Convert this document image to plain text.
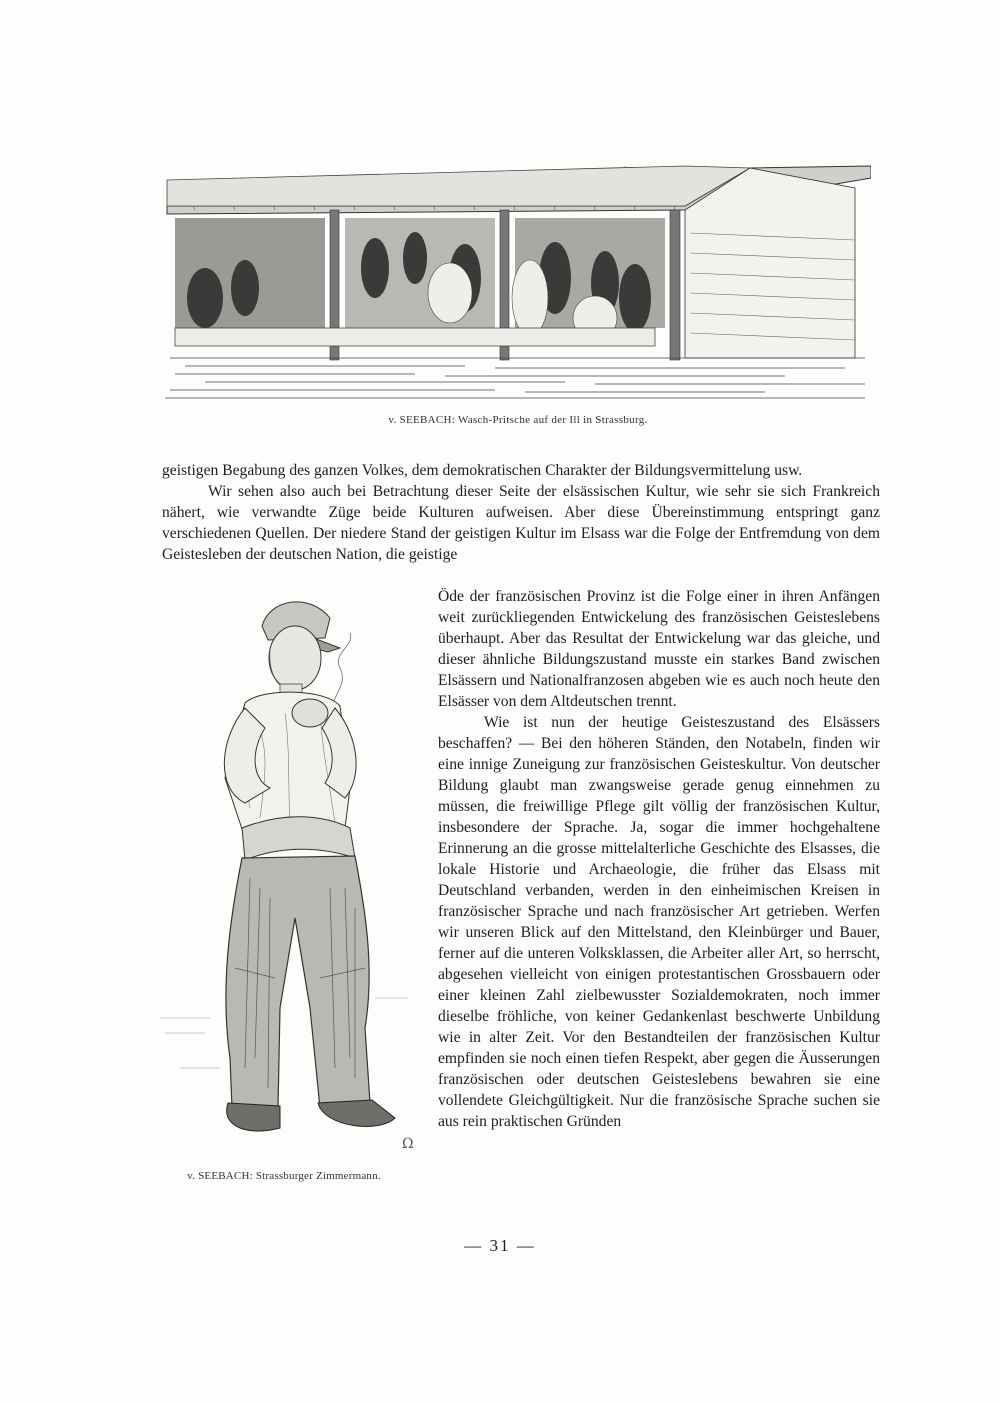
v. SEEBACH: Wasch-Pritsche auf der Ill in Strassburg.

geistigen Begabung des ganzen Volkes, dem demokratischen Charakter der Bildungsvermittelung usw.

Wir sehen also auch bei Betrachtung dieser Seite der elsässischen Kultur, wie sehr sie sich Frankreich nähert, wie verwandte Züge beide Kulturen aufweisen. Aber diese Übereinstimmung entspringt ganz verschiedenen Quellen. Der niedere Stand der geistigen Kultur im Elsass war die Folge der Entfremdung von dem Geistesleben der deutschen Nation, die geistige

Ω
v. SEEBACH: Strassburger Zimmermann.

Öde der französischen Provinz ist die Folge einer in ihren Anfängen weit zurückliegenden Entwickelung des französischen Geisteslebens überhaupt. Aber das Resultat der Entwickelung war das gleiche, und dieser ähnliche Bildungszustand musste ein starkes Band zwischen Elsässern und Nationalfranzosen abgeben wie es auch noch heute den Elsässer von dem Altdeutschen trennt.

Wie ist nun der heutige Geisteszustand des Elsässers beschaffen? — Bei den höheren Ständen, den Notabeln, finden wir eine innige Zuneigung zur französischen Geisteskultur. Von deutscher Bildung glaubt man zwangsweise gerade genug einnehmen zu müssen, die freiwillige Pflege gilt völlig der französischen Kultur, insbesondere der Sprache. Ja, sogar die immer hochgehaltene Erinnerung an die grosse mittelalterliche Geschichte des Elsasses, die lokale Historie und Archaeologie, die früher das Elsass mit Deutschland verbanden, werden in den einheimischen Kreisen in französischer Sprache und nach französischer Art getrieben. Werfen wir unseren Blick auf den Mittelstand, den Kleinbürger und Bauer, ferner auf die unteren Volksklassen, die Arbeiter aller Art, so herrscht, abgesehen vielleicht von einigen protestantischen Grossbauern oder einer kleinen Zahl zielbewusster Sozialdemokraten, noch immer dieselbe fröhliche, von keiner Gedankenlast beschwerte Unbildung wie in alter Zeit. Vor den Bestandteilen der französischen Kultur empfinden sie noch einen tiefen Respekt, aber gegen die Äusserungen französischen oder deutschen Geisteslebens bewahren sie eine vollendete Gleichgültigkeit. Nur die französische Sprache suchen sie aus rein praktischen Gründen

— 31 —
